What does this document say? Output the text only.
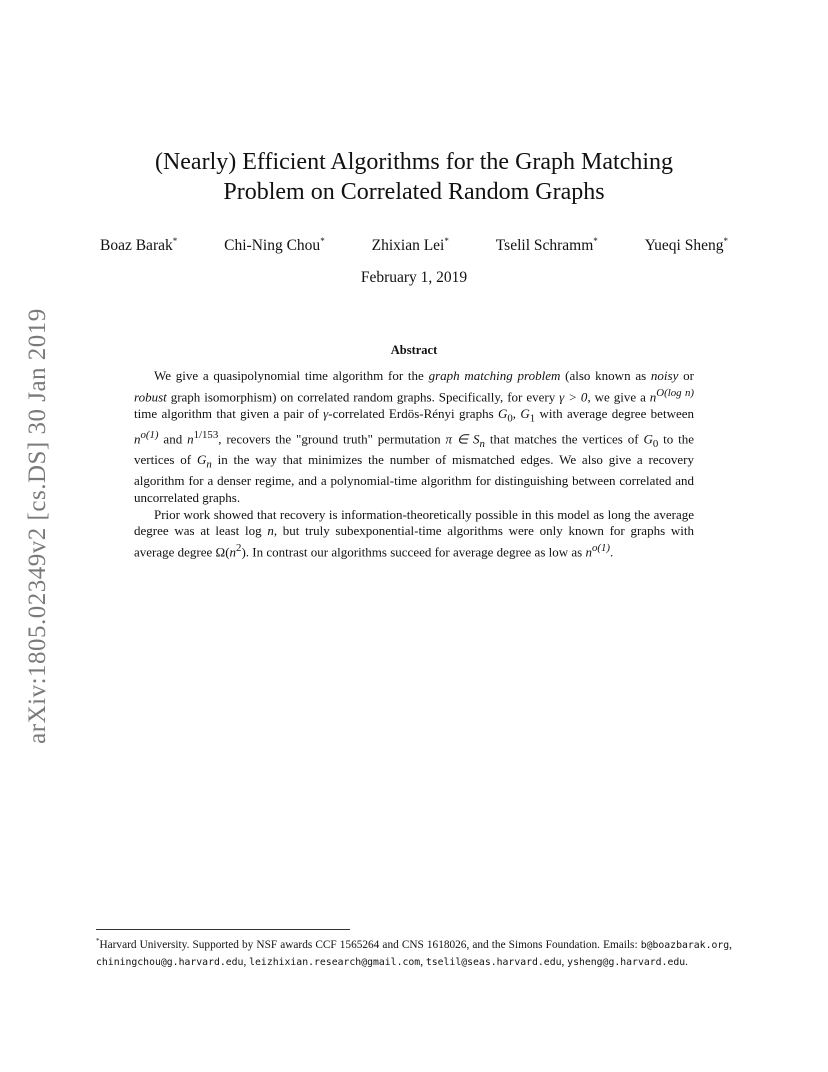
arXiv:1805.02349v2 [cs.DS] 30 Jan 2019
(Nearly) Efficient Algorithms for the Graph Matching
Problem on Correlated Random Graphs
Boaz Barak*	Chi-Ning Chou*	Zhixian Lei*	Tselil Schramm*	Yueqi Sheng*
February 1, 2019
Abstract

We give a quasipolynomial time algorithm for the graph matching problem (also known as noisy or robust graph isomorphism) on correlated random graphs. Specifically, for every γ > 0, we give a $n^{O(log n)}$ time algorithm that given a pair of γ-correlated Erdös-Rényi graphs $G_0$, $G_1$ with average degree between $n^{o(1)}$ and $n^{1/153}$, recovers the "ground truth" permutation π ∈ $S_n$ that matches the vertices of $G_0$ to the vertices of $G_n$ in the way that minimizes the number of mismatched edges. We also give a recovery algorithm for a denser regime, and a polynomial-time algorithm for distinguishing between correlated and uncorrelated graphs.

Prior work showed that recovery is information-theoretically possible in this model as long the average degree was at least log n, but truly subexponential-time algorithms were only known for graphs with average degree $\Omega(n^2)$. In contrast our algorithms succeed for average degree as low as $n^{o(1)}$.

*Harvard University. Supported by NSF awards CCF 1565264 and CNS 1618026, and the Simons Foundation. Emails: b@boazbarak.org, chiningchou@g.harvard.edu, leizhixian.research@gmail.com, tselil@seas.harvard.edu, ysheng@g.harvard.edu.
